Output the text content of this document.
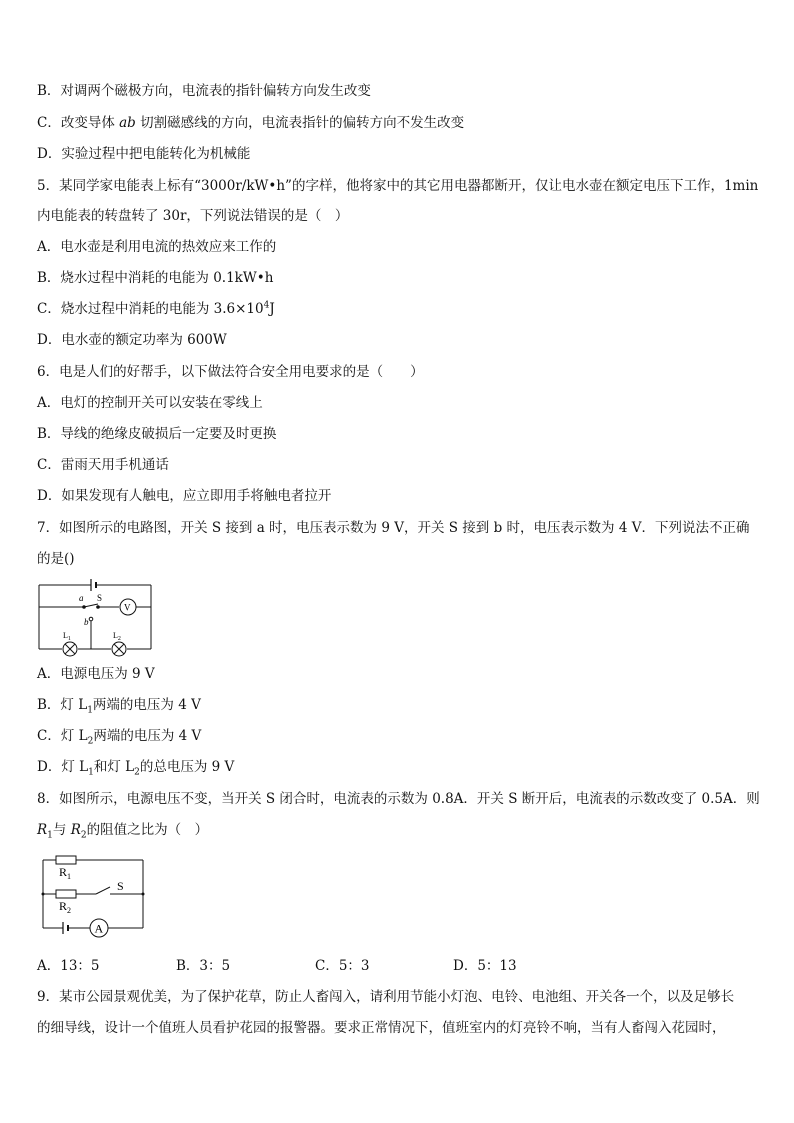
B．对调两个磁极方向，电流表的指针偏转方向发生改变
C．改变导体 ab 切割磁感线的方向，电流表指针的偏转方向不发生改变
D．实验过程中把电能转化为机械能
5．某同学家电能表上标有“3000r/kW•h”的字样，他将家中的其它用电器都断开，仅让电水壶在额定电压下工作，1min
内电能表的转盘转了 30r，下列说法错误的是（　）
A．电水壶是利用电流的热效应来工作的
B．烧水过程中消耗的电能为 0.1kW•h
C．烧水过程中消耗的电能为 $3.6\times 10^4J$
D．电水壶的额定功率为 600W
6．电是人们的好帮手，以下做法符合安全用电要求的是（　　）
A．电灯的控制开关可以安装在零线上
B．导线的绝缘皮破损后一定要及时更换
C．雷雨天用手机通话
D．如果发现有人触电，应立即用手将触电者拉开
7．如图所示的电路图，开关 S 接到 a 时，电压表示数为 9 V，开关 S 接到 b 时，电压表示数为 4 V．下列说法不正确
的是()
a S
b
V
$L_1$	$L_2$
A．电源电压为 9 V
B．灯 $L_1$两端的电压为 4 V
C．灯 $L_2$两端的电压为 4 V
D．灯 $L_1$和灯 $L_2$的总电压为 9 V
8．如图所示，电源电压不变，当开关 S 闭合时，电流表的示数为 0.8A．开关 S 断开后，电流表的示数改变了 0.5A．则
$R_1$与 $R_2$的阻值之比为（　）
$R_1$
$R_2$
S
A
A．13：5	B．3：5	C．5：3	D．5：13
9．某市公园景观优美，为了保护花草，防止人畜闯入，请利用节能小灯泡、电铃、电池组、开关各一个，以及足够长
的细导线，设计一个值班人员看护花园的报警器。要求正常情况下，值班室内的灯亮铃不响，当有人畜闯入花园时，
